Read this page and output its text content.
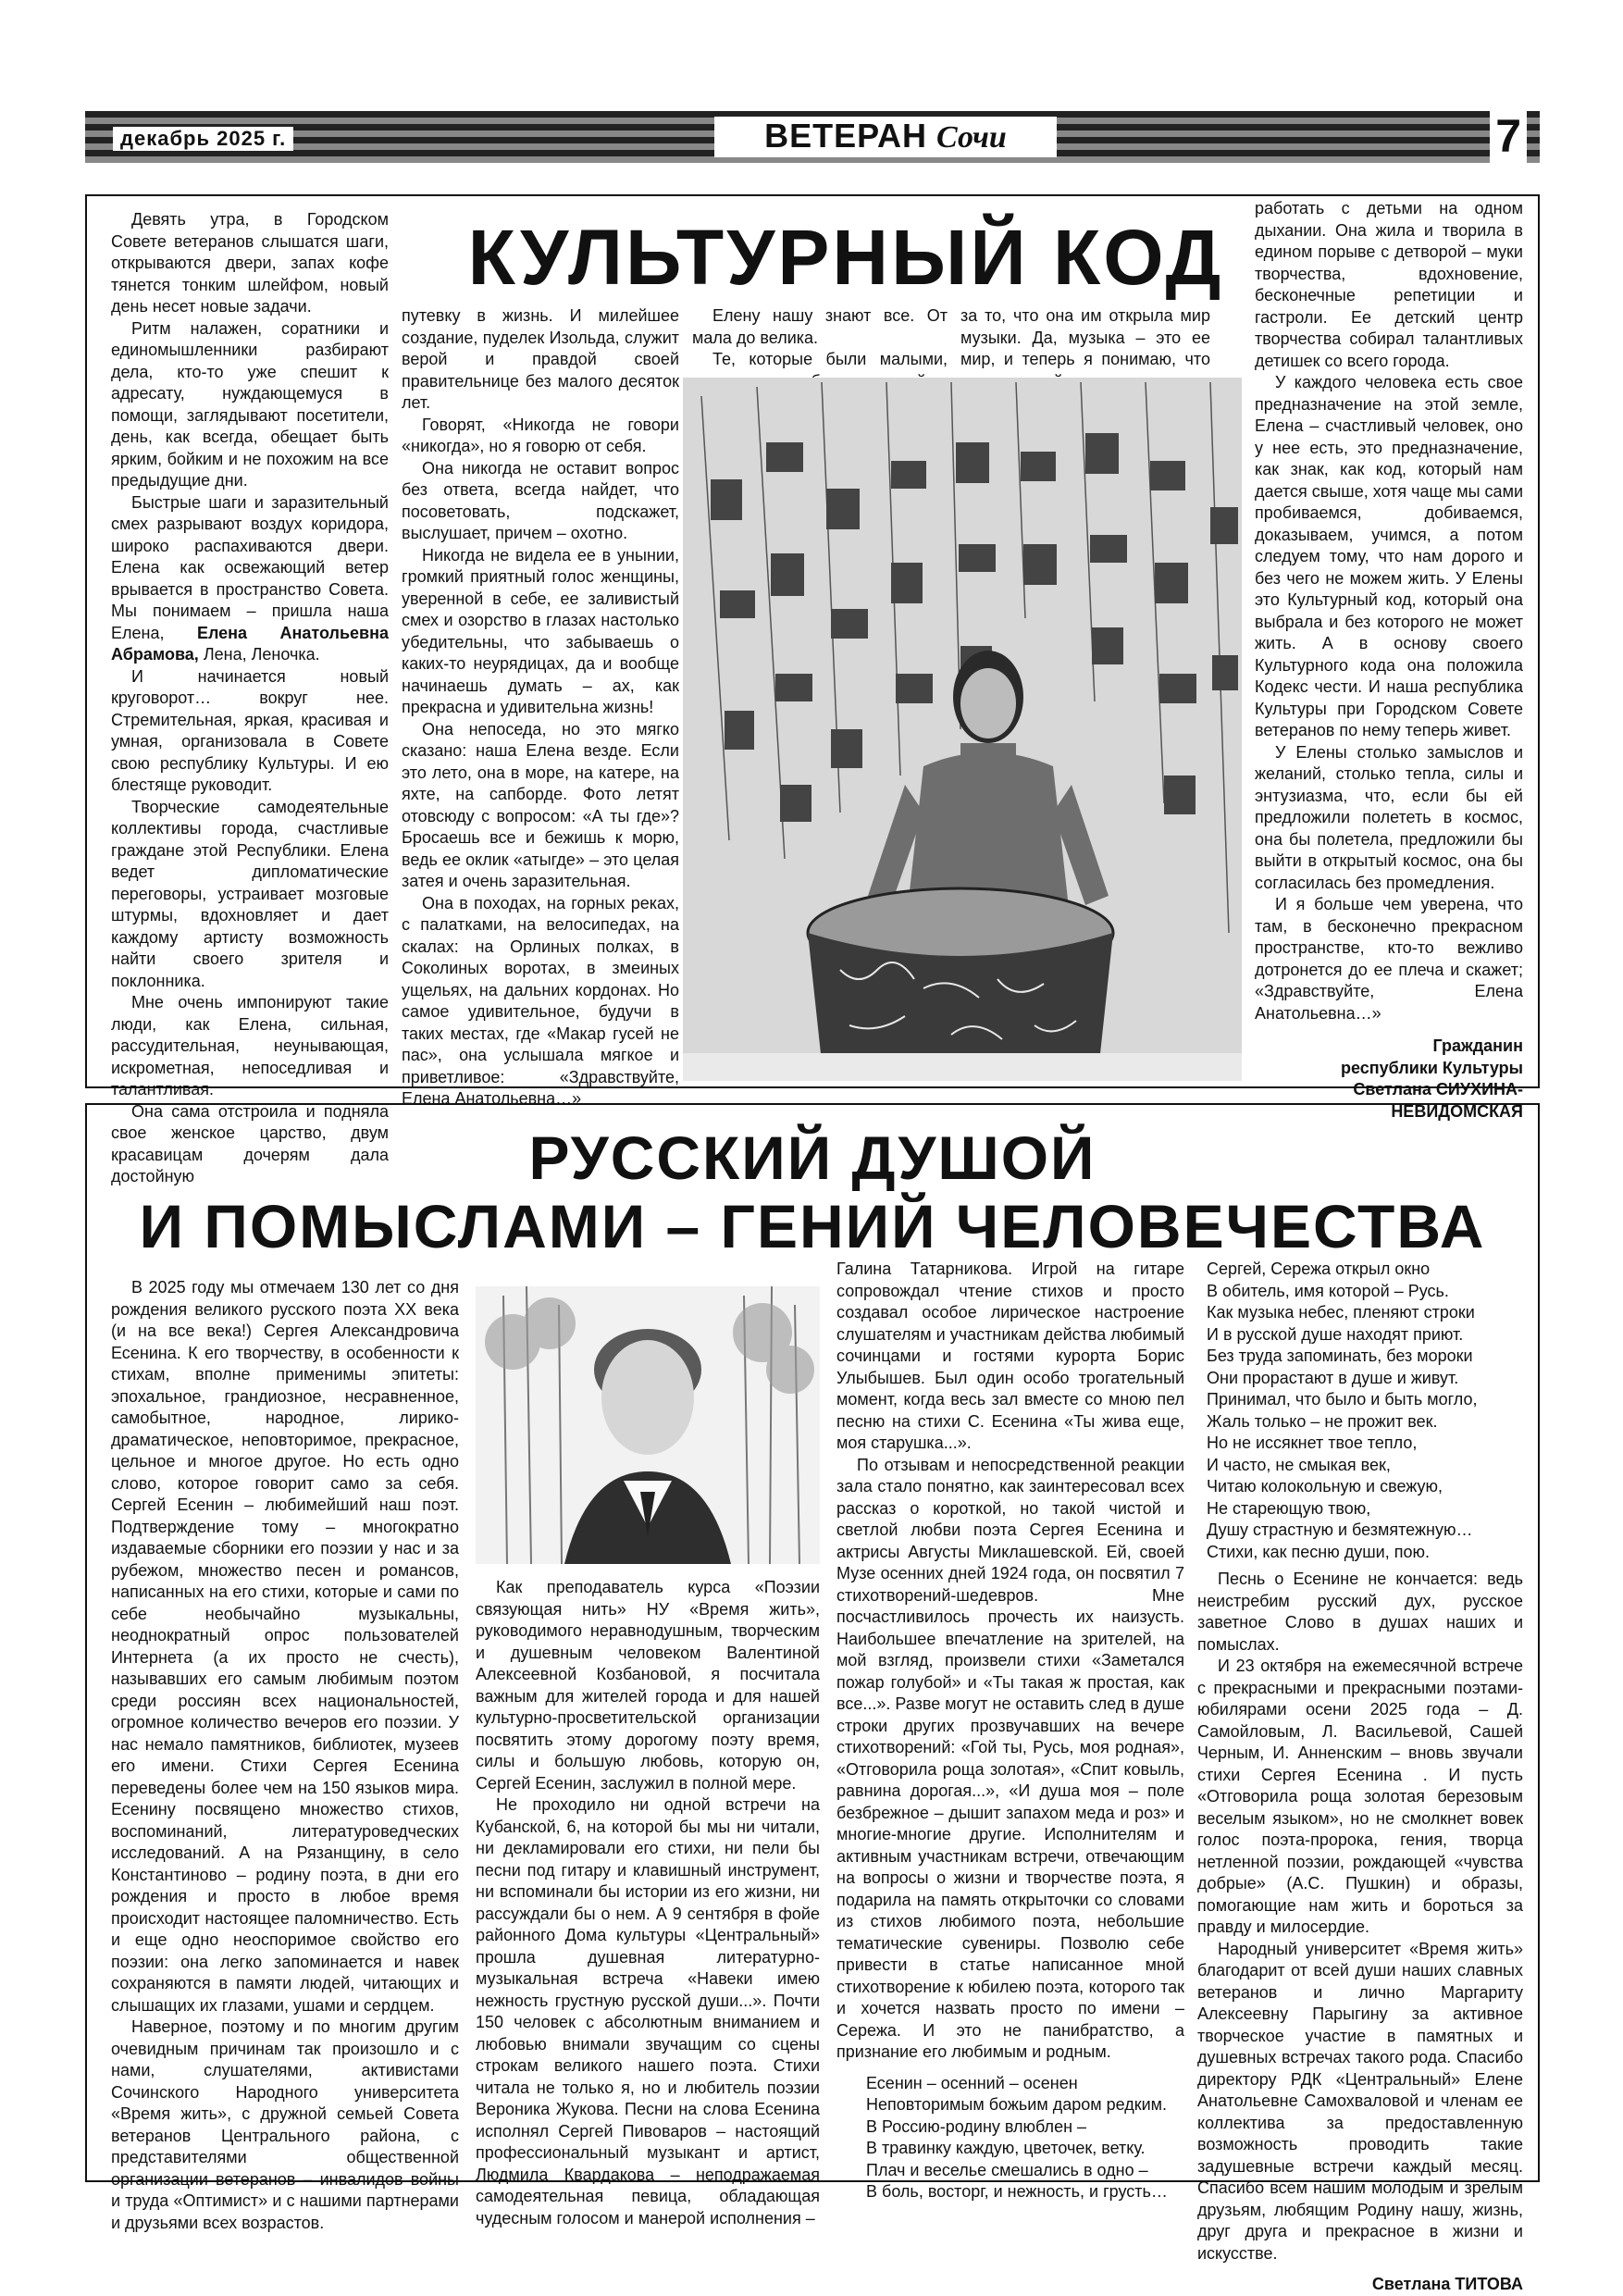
декабрь 2025 г.	ВЕТЕРАН Сочи	7
КУЛЬТУРНЫЙ КОД

Девять утра, в Городском Совете ветеранов слышатся шаги, открываются двери, запах кофе тянется тонким шлейфом, новый день несет новые задачи.

Ритм налажен, соратники и единомышленники разбирают дела, кто-то уже спешит к адресату, нуждающемуся в помощи, заглядывают посетители, день, как всегда, обещает быть ярким, бойким и не похожим на все предыдущие дни.

Быстрые шаги и заразительный смех разрывают воздух коридора, широко распахиваются двери. Елена как освежающий ветер врывается в пространство Совета. Мы понимаем – пришла наша Елена, Елена Анатольевна Абрамова, Лена, Леночка.

И начинается новый круговорот… вокруг нее. Стремительная, яркая, красивая и умная, организовала в Совете свою республику Культуры. И ею блестяще руководит.

Творческие самодеятельные коллективы города, счастливые граждане этой Республики. Елена ведет дипломатические переговоры, устраивает мозговые штурмы, вдохновляет и дает каждому артисту возможность найти своего зрителя и поклонника.

Мне очень импонируют такие люди, как Елена, сильная, рассудительная, неунывающая, искрометная, непоседливая и талантливая.

Она сама отстроила и подняла свое женское царство, двум красавицам дочерям дала достойную

путевку в жизнь. И милейшее создание, пуделек Изольда, служит верой и правдой своей правительнице без малого десяток лет.

Говорят, «Никогда не говори «никогда», но я говорю от себя.

Она никогда не оставит вопрос без ответа, всегда найдет, что посоветовать, подскажет, выслушает, причем – охотно.

Никогда не видела ее в унынии, громкий приятный голос женщины, уверенной в себе, ее заливистый смех и озорство в глазах настолько убедительны, что забываешь о каких-то неурядицах, да и вообще начинаешь думать – ах, как прекрасна и удивительна жизнь!

Она непоседа, но это мягко сказано: наша Елена везде. Если это лето, она в море, на катере, на яхте, на сапборде. Фото летят отовсюду с вопросом: «А ты где»? Бросаешь все и бежишь к морю, ведь ее оклик «атыгде» – это целая затея и очень заразительная.

Она в походах, на горных реках, с палатками, на велосипедах, на скалах: на Орлиных полках, в Соколиных воротах, в змеиных ущельях, на дальних кордонах. Но самое удивительное, будучи в таких местах, где «Макар гусей не пас», она услышала мягкое и приветливое: «Здравствуйте, Елена Анатольевна…»

Елену нашу знают все. От мала до велика.

Те, которые были малыми,

за то, что она им открыла мир музыки. Да, музыка – это ее мир, и теперь я понимаю, что

работать с детьми на одном дыхании. Она жила и творила в едином порыве с детворой – муки творчества, вдохновение, бесконечные репетиции и гастроли. Ее детский центр творчества собирал талантливых детишек со всего города.

У каждого человека есть свое предназначение на этой земле, Елена – счастливый человек, оно у нее есть, это предназначение, как знак, как код, который нам дается свыше, хотя чаще мы сами пробиваемся, добиваемся, доказываем, учимся, а потом следуем тому, что нам дорого и без чего не можем жить. У Елены это Культурный код, который она выбрала и без которого не может жить. А в основу своего Культурного кода она положила Кодекс чести. И наша республика Культуры при Городском Совете ветеранов по нему теперь живет.

У Елены столько замыслов и желаний, столько тепла, силы и энтузиазма, что, если бы ей предложили полететь в космос, она бы полетела, предложили бы выйти в открытый космос, она бы согласилась без промедления.

И я больше чем уверена, что там, в бесконечно прекрасном пространстве, кто-то вежливо дотронется до ее плеча и скажет; «Здравствуйте, Елена Анатольевна…»

Гражданин
республики Культуры
Светлана СИУХИНА-
НЕВИДОМСКАЯ
РУССКИЙ ДУШОЙ
И ПОМЫСЛАМИ – ГЕНИЙ ЧЕЛОВЕЧЕСТВА

В 2025 году мы отмечаем 130 лет со дня рождения великого русского поэта ХХ века (и на все века!) Сергея Александровича Есенина. К его творчеству, в особенности к стихам, вполне применимы эпитеты: эпохальное, грандиозное, несравненное, самобытное, народное, лирико-драматическое, неповторимое, прекрасное, цельное и многое другое. Но есть одно слово, которое говорит само за себя. Сергей Есенин – любимейший наш поэт. Подтверждение тому – многократно издаваемые сборники его поэзии у нас и за рубежом, множество песен и романсов, написанных на его стихи, которые и сами по себе необычайно музыкальны, неоднократный опрос пользователей Интернета (а их просто не счесть), называвших его самым любимым поэтом среди россиян всех национальностей, огромное количество вечеров его поэзии. У нас немало памятников, библиотек, музеев его имени. Стихи Сергея Есенина переведены более чем на 150 языков мира. Есенину посвящено множество стихов, воспоминаний, литературоведческих исследований. А на Рязанщину, в село Константиново – родину поэта, в дни его рождения и просто в любое время происходит настоящее паломничество. Есть и еще одно неоспоримое свойство его поэзии: она легко запоминается и навек сохраняются в памяти людей, читающих и слышащих их глазами, ушами и сердцем.

Наверное, поэтому и по многим другим очевидным причинам так произошло и с нами, слушателями, активистами Сочинского Народного университета «Время жить», с дружной семьей Совета ветеранов Центрального района, с представителями общественной организации ветеранов – инвалидов войны и труда «Оптимист» и с нашими партнерами и друзьями всех возрастов.

Как преподаватель курса «Поэзии связующая нить» НУ «Время жить», руководимого неравнодушным, творческим и душевным человеком Валентиной Алексеевной Козбановой, я посчитала важным для жителей города и для нашей культурно-просветительской организации посвятить этому дорогому поэту время, силы и большую любовь, которую он, Сергей Есенин, заслужил в полной мере.

Не проходило ни одной встречи на Кубанской, 6, на которой бы мы ни читали, ни декламировали его стихи, ни пели бы песни под гитару и клавишный инструмент, ни вспоминали бы истории из его жизни, ни рассуждали бы о нем. А 9 сентября в фойе районного Дома культуры «Центральный» прошла душевная литературно-музыкальная встреча «Навеки имею нежность грустную русской души...». Почти 150 человек с абсолютным вниманием и любовью внимали звучащим со сцены строкам великого нашего поэта. Стихи читала не только я, но и любитель поэзии Вероника Жукова. Песни на слова Есенина исполнял Сергей Пивоваров – настоящий профессиональный музыкант и артист, Людмила Квардакова – неподражаемая самодеятельная певица, обладающая чудесным голосом и манерой исполнения –

Галина Татарникова. Игрой на гитаре сопровождал чтение стихов и просто создавал особое лирическое настроение слушателям и участникам действа любимый сочинцами и гостями курорта Борис Улыбышев. Был один особо трогательный момент, когда весь зал вместе со мною пел песню на стихи С. Есенина «Ты жива еще, моя старушка...».

По отзывам и непосредственной реакции зала стало понятно, как заинтересовал всех рассказ о короткой, но такой чистой и светлой любви поэта Сергея Есенина и актрисы Августы Миклашевской. Ей, своей Музе осенних дней 1924 года, он посвятил 7 стихотворений-шедевров. Мне посчастливилось прочесть их наизусть. Наибольшее впечатление на зрителей, на мой взгляд, произвели стихи «Заметался пожар голубой» и «Ты такая ж простая, как все...». Разве могут не оставить след в душе строки других прозвучавших на вечере стихотворений: «Гой ты, Русь, моя родная», «Отговорила роща золотая», «Спит ковыль, равнина дорогая...», «И душа моя – поле безбрежное – дышит запахом меда и роз» и многие-многие другие. Исполнителям и активным участникам встречи, отвечающим на вопросы о жизни и творчестве поэта, я подарила на память открыточки со словами из стихов любимого поэта, небольшие тематические сувениры. Позволю себе привести в статье написанное мной стихотворение к юбилею поэта, которого так и хочется назвать просто по имени – Сережа. И это не панибратство, а признание его любимым и родным.

Есенин – осенний – осенен

Неповторимым божьим даром редким.

В Россию-родину влюблен –

В травинку каждую, цветочек, ветку.

Плач и веселье смешались в одно –

В боль, восторг, и нежность, и грусть…

Сергей, Сережа открыл окно

В обитель, имя которой – Русь.

Как музыка небес, пленяют строки

И в русской душе находят приют.

Без труда запоминать, без мороки

Они прорастают в душе и живут.

Принимал, что было и быть могло,

Жаль только – не прожит век.

Но не иссякнет твое тепло,

И часто, не смыкая век,

Читаю колокольную и свежую,

Не стареющую твою,

Душу страстную и безмятежную…

Стихи, как песню души, пою.

Песнь о Есенине не кончается: ведь неистребим русский дух, русское заветное Слово в душах наших и помыслах.

И 23 октября на ежемесячной встрече с прекрасными и прекрасными поэтами-юбилярами осени 2025 года – Д. Самойловым, Л. Васильевой, Сашей Черным, И. Анненским – вновь звучали стихи Сергея Есенина . И пусть «Отговорила роща золотая березовым веселым языком», но не смолкнет вовек голос поэта-пророка, гения, творца нетленной поэзии, рождающей «чувства добрые» (А.С. Пушкин) и образы, помогающие нам жить и бороться за правду и милосердие.

Народный университет «Время жить» благодарит от всей души наших славных ветеранов и лично Маргариту Алексеевну Парыгину за активное творческое участие в памятных и душевных встречах такого рода. Спасибо директору РДК «Центральный» Елене Анатольевне Самохваловой и членам ее коллектива за предоставленную возможность проводить такие задушевные встречи каждый месяц. Спасибо всем нашим молодым и зрелым друзьям, любящим Родину нашу, жизнь, друг друга и прекрасное в жизни и искусстве.

Светлана ТИТОВА
